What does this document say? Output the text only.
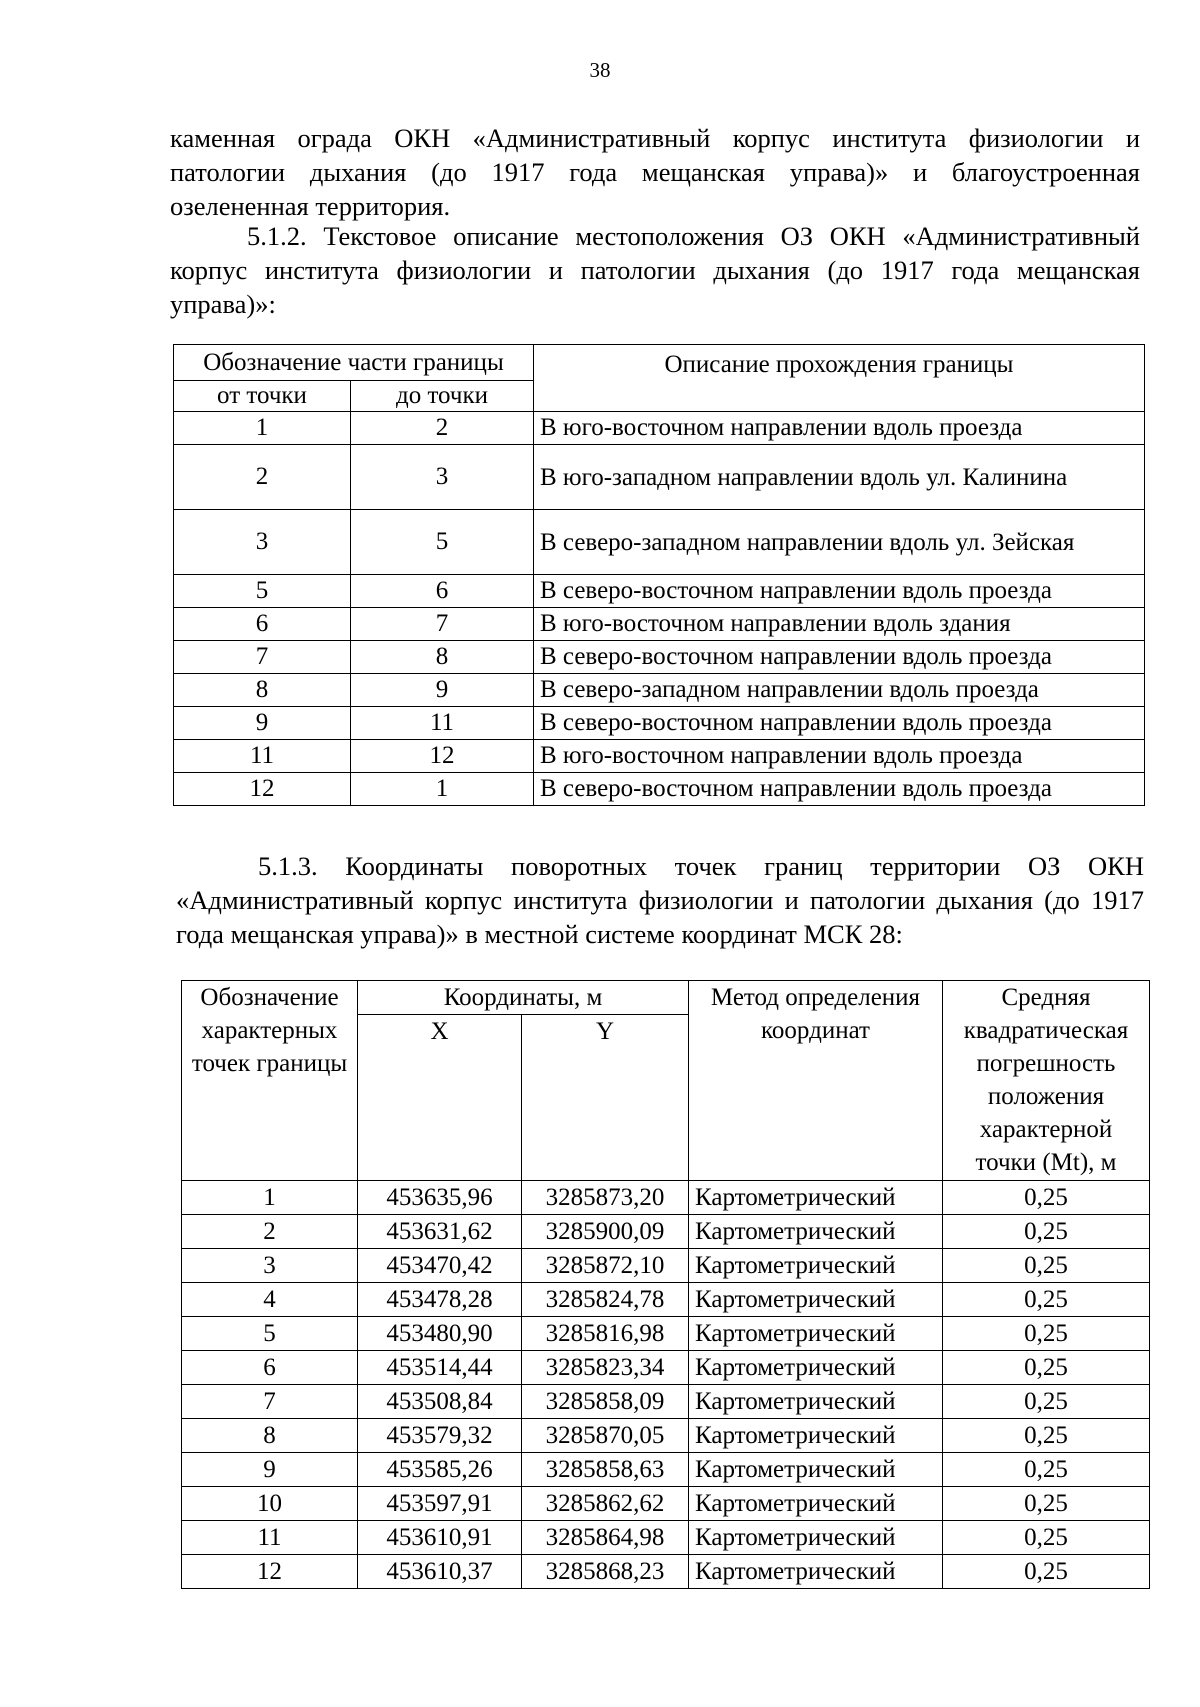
38

каменная ограда ОКН «Административный корпус института физиологии и патологии дыхания (до 1917 года мещанская управа)» и благоустроенная озелененная территория.

5.1.2. Текстовое описание местоположения ОЗ ОКН «Административный корпус института физиологии и патологии дыхания (до 1917 года мещанская управа)»:

Обозначение части границы		Описание прохождения границы
от точки	до точки	
1	2	В юго-восточном направлении вдоль проезда
2	3	В юго-западном направлении вдоль ул. Калинина
3	5	В северо-западном направлении вдоль ул. Зейская
5	6	В северо-восточном направлении вдоль проезда
6	7	В юго-восточном направлении вдоль здания
7	8	В северо-восточном направлении вдоль проезда
8	9	В северо-западном направлении вдоль проезда
9	11	В северо-восточном направлении вдоль проезда
11	12	В юго-восточном направлении вдоль проезда
12	1	В северо-восточном направлении вдоль проезда

5.1.3. Координаты поворотных точек границ территории ОЗ ОКН «Административный корпус института физиологии и патологии дыхания (до 1917 года мещанская управа)» в местной системе координат МСК 28:

Обозначение характерных точек границы	Координаты, м		Метод определения координат	Средняя квадратическая погрешность положения характерной точки (Mt), м
	X	Y		
1	453635,96	3285873,20	Картометрический	0,25
2	453631,62	3285900,09	Картометрический	0,25
3	453470,42	3285872,10	Картометрический	0,25
4	453478,28	3285824,78	Картометрический	0,25
5	453480,90	3285816,98	Картометрический	0,25
6	453514,44	3285823,34	Картометрический	0,25
7	453508,84	3285858,09	Картометрический	0,25
8	453579,32	3285870,05	Картометрический	0,25
9	453585,26	3285858,63	Картометрический	0,25
10	453597,91	3285862,62	Картометрический	0,25
11	453610,91	3285864,98	Картометрический	0,25
12	453610,37	3285868,23	Картометрический	0,25
